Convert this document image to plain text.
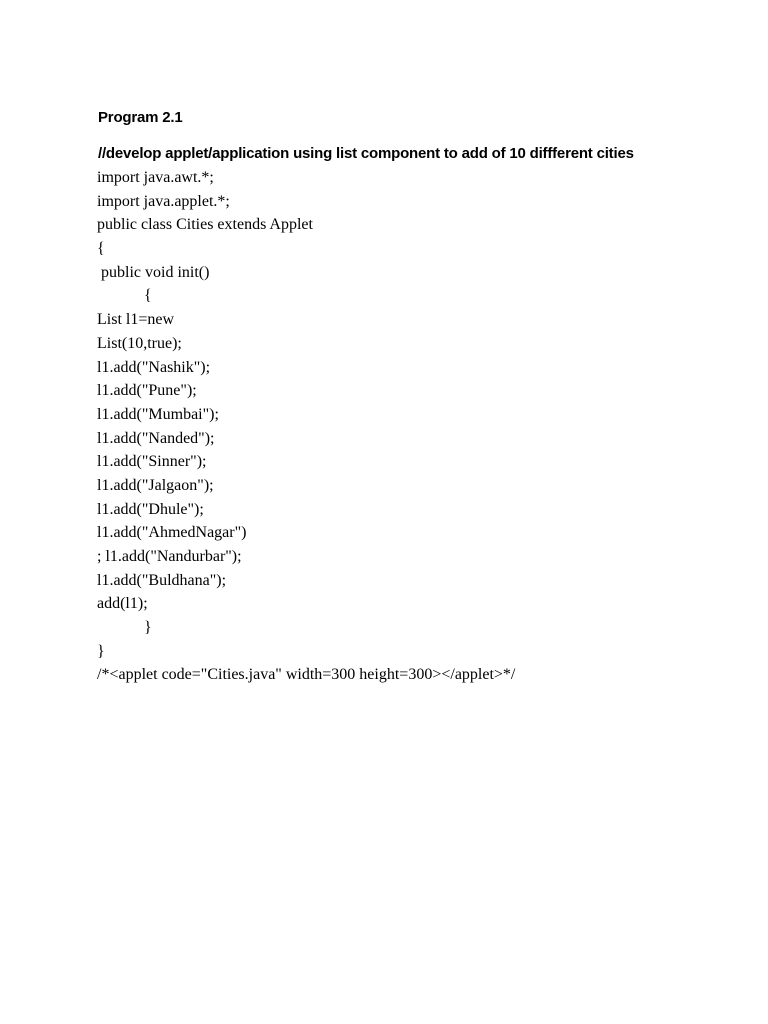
Program 2.1
//develop applet/application using list component to add of 10 diffferent cities
import java.awt.*;
import java.applet.*;
public class Cities extends Applet
{
public void init()
{
List l1=new
List(10,true);
l1.add("Nashik");
l1.add("Pune");
l1.add("Mumbai");
l1.add("Nanded");
l1.add("Sinner");
l1.add("Jalgaon");
l1.add("Dhule");
l1.add("AhmedNagar")
; l1.add("Nandurbar");
l1.add("Buldhana");
add(l1);
}
}
/*<applet code="Cities.java" width=300 height=300></applet>*/
